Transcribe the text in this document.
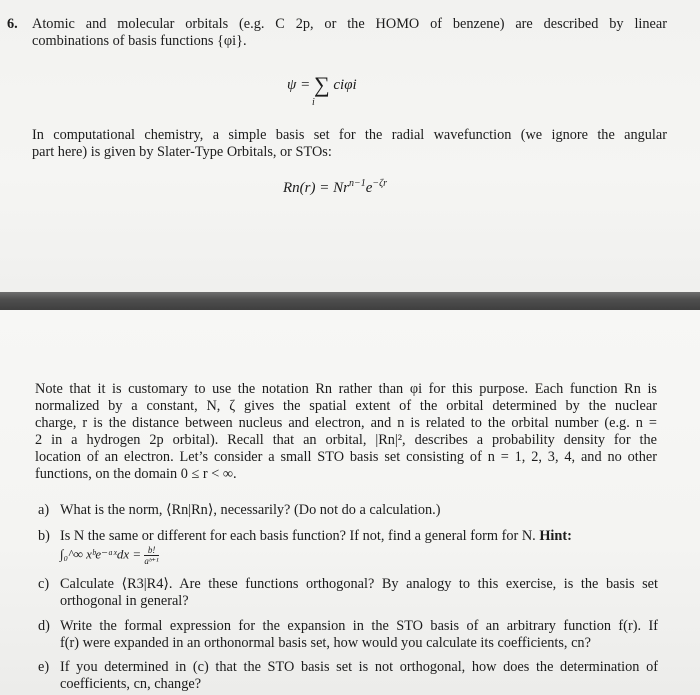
6. Atomic and molecular orbitals (e.g. C 2p, or the HOMO of benzene) are described by linear
combinations of basis functions {φi}.
ψ = ∑ ciφi
i
In computational chemistry, a simple basis set for the radial wavefunction (we ignore the angular
part here) is given by Slater-Type Orbitals, or STOs:
$Rn(r) = Nr^{n-1}e^{-\zeta r}$
Note that it is customary to use the notation Rn rather than φi for this purpose. Each function Rn is
normalized by a constant, N, ζ gives the spatial extent of the orbital determined by the nuclear
charge, r is the distance between nucleus and electron, and n is related to the orbital number (e.g. n =
2 in a hydrogen 2p orbital). Recall that an orbital, |Rn|², describes a probability density for the
location of an electron. Let’s consider a small STO basis set consisting of n = 1, 2, 3, 4, and no other
functions, on the domain 0 ≤ r < ∞.
a) What is the norm, ⟨Rn|Rn⟩, necessarily? (Do not do a calculation.)
b) Is N the same or different for each basis function? If not, find a general form for N. Hint:
∫₀^∞ xᵇe⁻ᵃˣdx = $\frac{b!}{\text{aᵇ⁺¹}}$
c) Calculate ⟨R3|R4⟩. Are these functions orthogonal? By analogy to this exercise, is the basis set
orthogonal in general?
d) Write the formal expression for the expansion in the STO basis of an arbitrary function f(r). If
f(r) were expanded in an orthonormal basis set, how would you calculate its coefficients, cn?
e) If you determined in (c) that the STO basis set is not orthogonal, how does the determination of
coefficients, cn, change?
